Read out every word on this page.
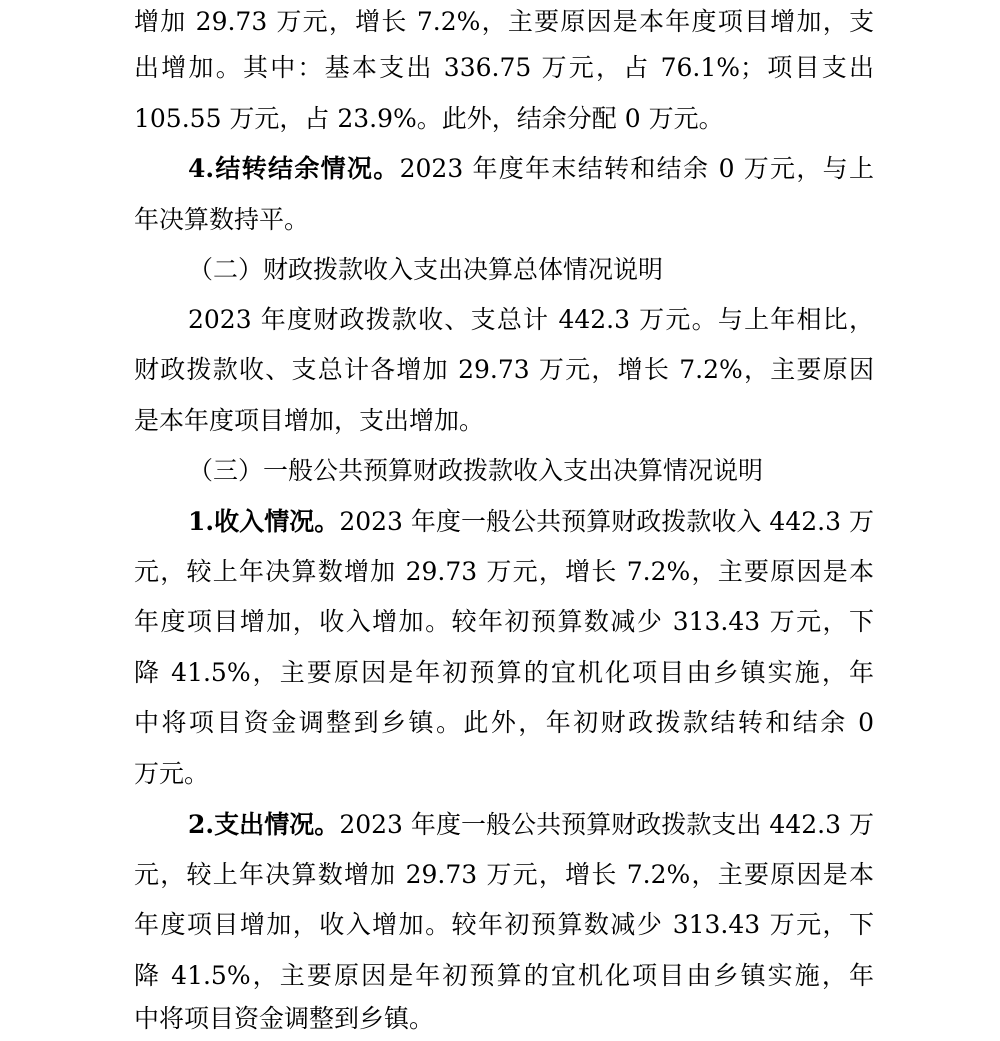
增加 29.73 万元，增长 7.2%，主要原因是本年度项目增加，支
出增加。其中：基本支出 336.75 万元，占 76.1%；项目支出
105.55 万元，占 23.9%。此外，结余分配 0 万元。
4.结转结余情况。2023 年度年末结转和结余 0 万元，与上
年决算数持平。
（二）财政拨款收入支出决算总体情况说明
2023 年度财政拨款收、支总计 442.3 万元。与上年相比，
财政拨款收、支总计各增加 29.73 万元，增长 7.2%，主要原因
是本年度项目增加，支出增加。
（三）一般公共预算财政拨款收入支出决算情况说明
1.收入情况。2023 年度一般公共预算财政拨款收入 442.3 万
元，较上年决算数增加 29.73 万元，增长 7.2%，主要原因是本
年度项目增加，收入增加。较年初预算数减少 313.43 万元，下
降 41.5%，主要原因是年初预算的宜机化项目由乡镇实施，年
中将项目资金调整到乡镇。此外，年初财政拨款结转和结余 0
万元。
2.支出情况。2023 年度一般公共预算财政拨款支出 442.3 万
元，较上年决算数增加 29.73 万元，增长 7.2%，主要原因是本
年度项目增加，收入增加。较年初预算数减少 313.43 万元，下
降 41.5%，主要原因是年初预算的宜机化项目由乡镇实施，年
中将项目资金调整到乡镇。
